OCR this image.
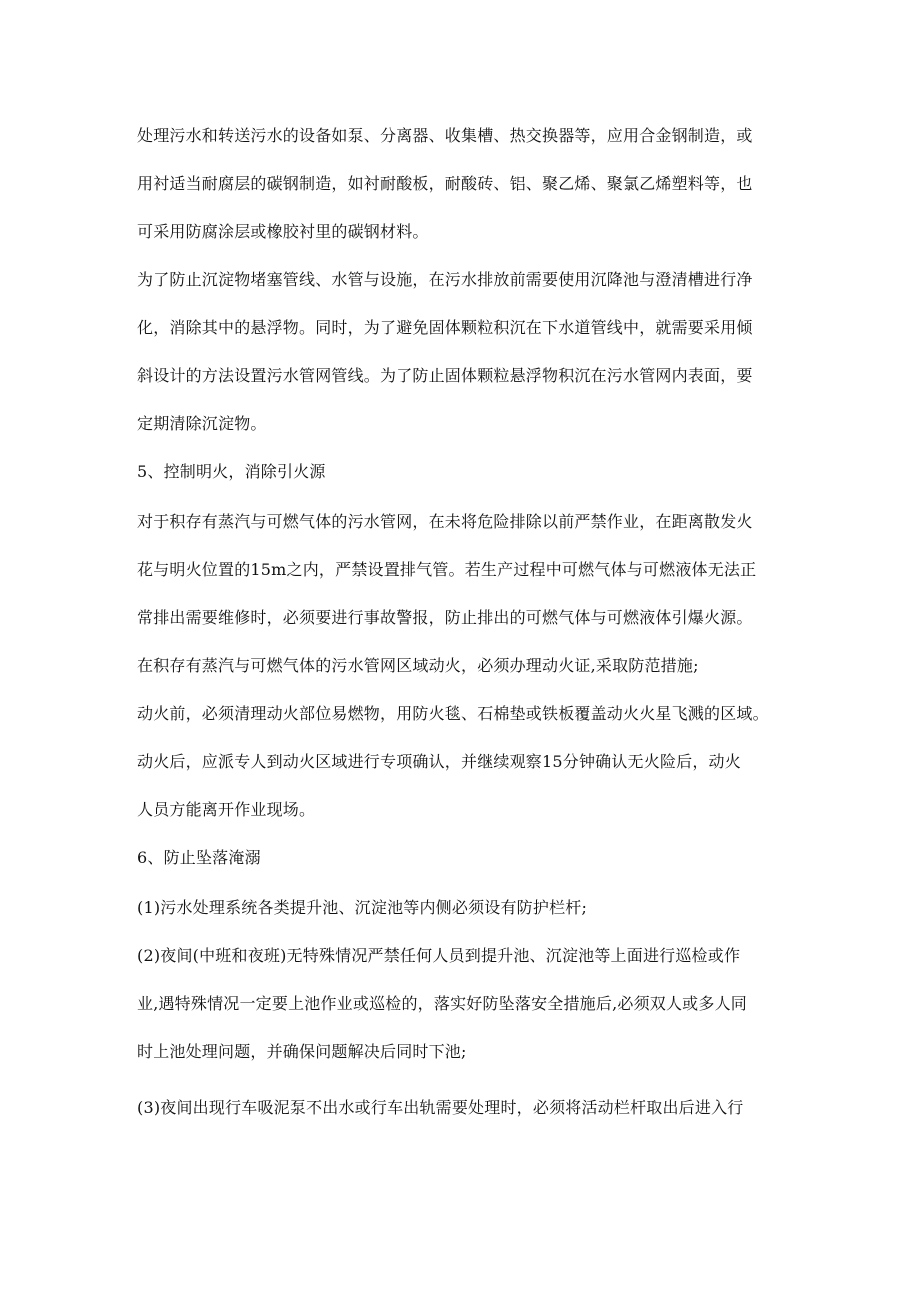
处理污水和转送污水的设备如泵、分离器、收集槽、热交换器等，应用合金钢制造，或
用衬适当耐腐层的碳钢制造，如衬耐酸板，耐酸砖、铝、聚乙烯、聚氯乙烯塑料等，也
可采用防腐涂层或橡胶衬里的碳钢材料。
为了防止沉淀物堵塞管线、水管与设施，在污水排放前需要使用沉降池与澄清槽进行净
化，消除其中的悬浮物。同时，为了避免固体颗粒积沉在下水道管线中，就需要采用倾
斜设计的方法设置污水管网管线。为了防止固体颗粒悬浮物积沉在污水管网内表面，要
定期清除沉淀物。
5、控制明火，消除引火源
对于积存有蒸汽与可燃气体的污水管网，在未将危险排除以前严禁作业，在距离散发火
花与明火位置的15m之内，严禁设置排气管。若生产过程中可燃气体与可燃液体无法正
常排出需要维修时，必须要进行事故警报，防止排出的可燃气体与可燃液体引爆火源。
在积存有蒸汽与可燃气体的污水管网区域动火，必须办理动火证,采取防范措施;
动火前，必须清理动火部位易燃物，用防火毯、石棉垫或铁板覆盖动火火星飞溅的区域。
动火后，应派专人到动火区域进行专项确认，并继续观察15分钟确认无火险后，动火
人员方能离开作业现场。
6、防止坠落淹溺
(1)污水处理系统各类提升池、沉淀池等内侧必须设有防护栏杆;
(2)夜间(中班和夜班)无特殊情况严禁任何人员到提升池、沉淀池等上面进行巡检或作
业,遇特殊情况一定要上池作业或巡检的，落实好防坠落安全措施后,必须双人或多人同
时上池处理问题，并确保问题解决后同时下池;
(3)夜间出现行车吸泥泵不出水或行车出轨需要处理时，必须将活动栏杆取出后进入行
